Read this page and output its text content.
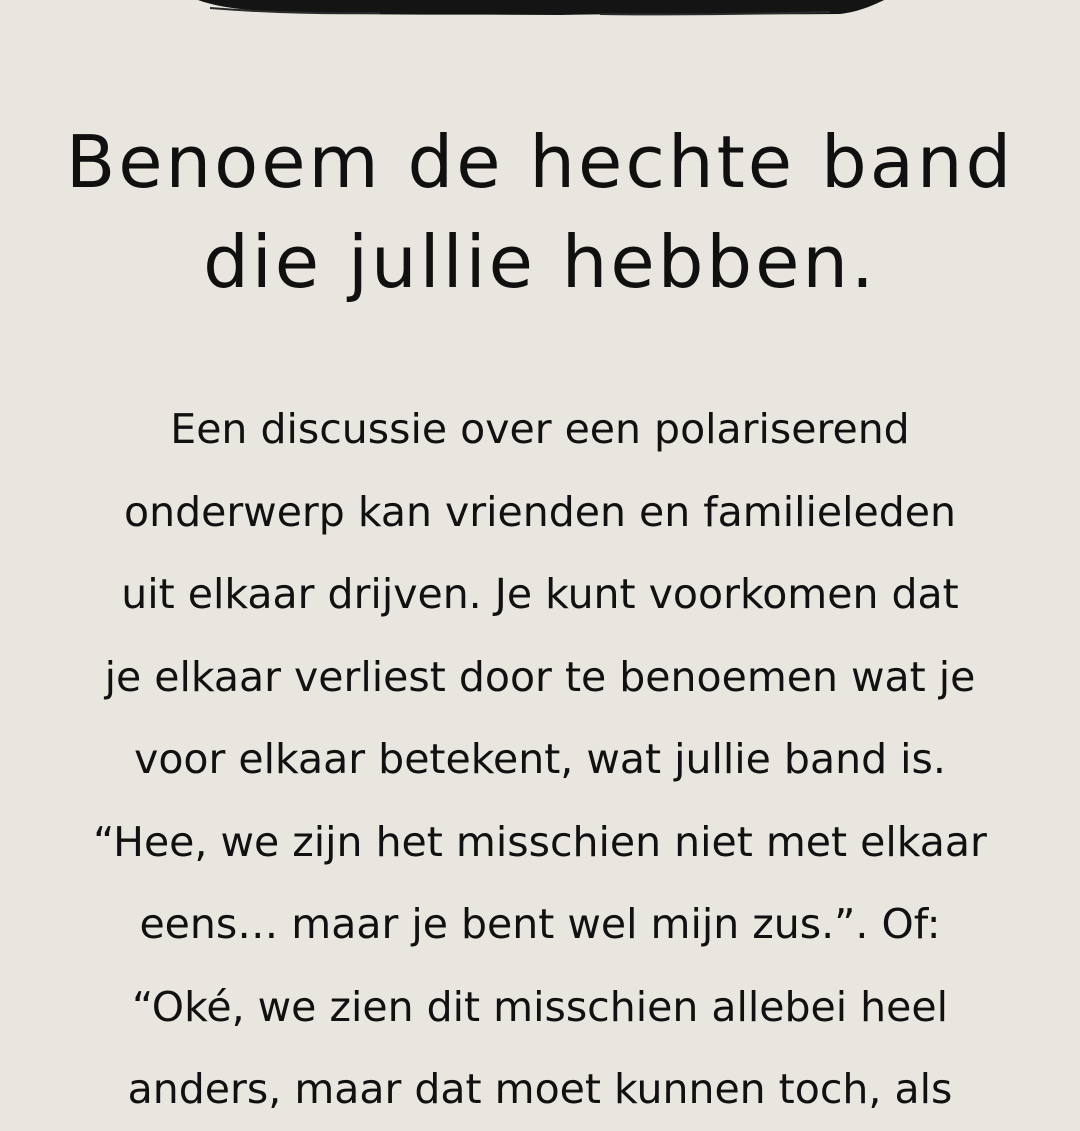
Benoem de hechte band
die jullie hebben.

Een discussie over een polariserend
onderwerp kan vrienden en familieleden
uit elkaar drijven. Je kunt voorkomen dat
je elkaar verliest door te benoemen wat je
voor elkaar betekent, wat jullie band is.
“Hee, we zijn het misschien niet met elkaar
eens… maar je bent wel mijn zus.”. Of:
“Oké, we zien dit misschien allebei heel
anders, maar dat moet kunnen toch, als
